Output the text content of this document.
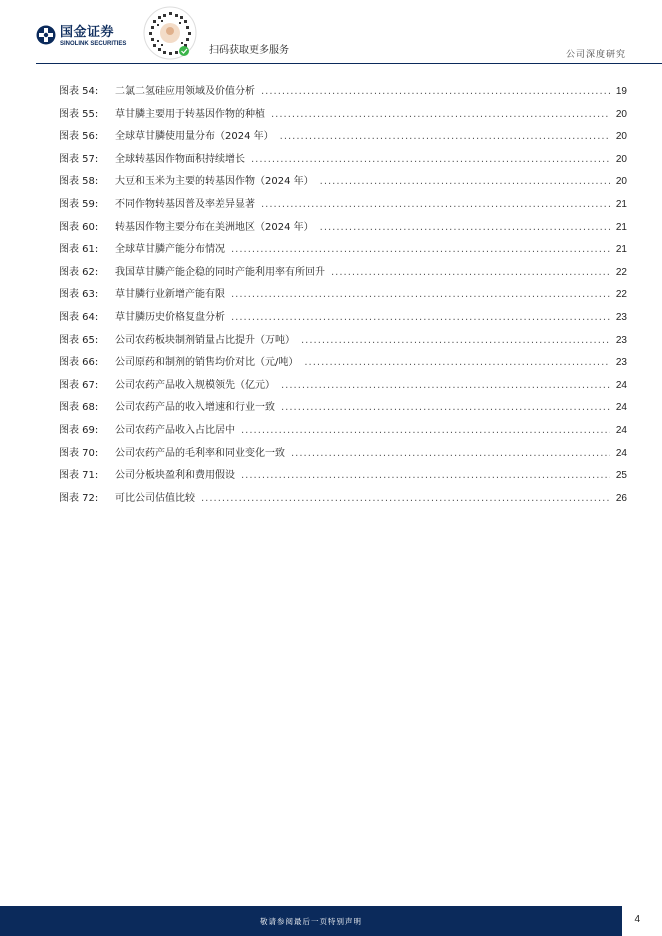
国金证券
SINOLINK SECURITIES
扫码获取更多服务	公司深度研究
图表 54:	二氯二氢硅应用领域及价值分析 .....	19
图表 55:	草甘膦主要用于转基因作物的种植 .....	20
图表 56:	全球草甘膦使用量分布（2024 年） .....	20
图表 57:	全球转基因作物面积持续增长 .....	20
图表 58:	大豆和玉米为主要的转基因作物（2024 年） .....	20
图表 59:	不同作物转基因普及率差异显著 .....	21
图表 60:	转基因作物主要分布在美洲地区（2024 年） .....	21
图表 61:	全球草甘膦产能分布情况 .....	21
图表 62:	我国草甘膦产能企稳的同时产能利用率有所回升 .....	22
图表 63:	草甘膦行业新增产能有限 .....	22
图表 64:	草甘膦历史价格复盘分析 .....	23
图表 65:	公司农药板块制剂销量占比提升（万吨） .....	23
图表 66:	公司原药和制剂的销售均价对比（元/吨） .....	23
图表 67:	公司农药产品收入规模领先（亿元） .....	24
图表 68:	公司农药产品的收入增速和行业一致 .....	24
图表 69:	公司农药产品收入占比居中 .....	24
图表 70:	公司农药产品的毛利率和同业变化一致 .....	24
图表 71:	公司分板块盈利和费用假设 .....	25
图表 72:	可比公司估值比较 .....	26
敬请参阅最后一页特别声明	4
